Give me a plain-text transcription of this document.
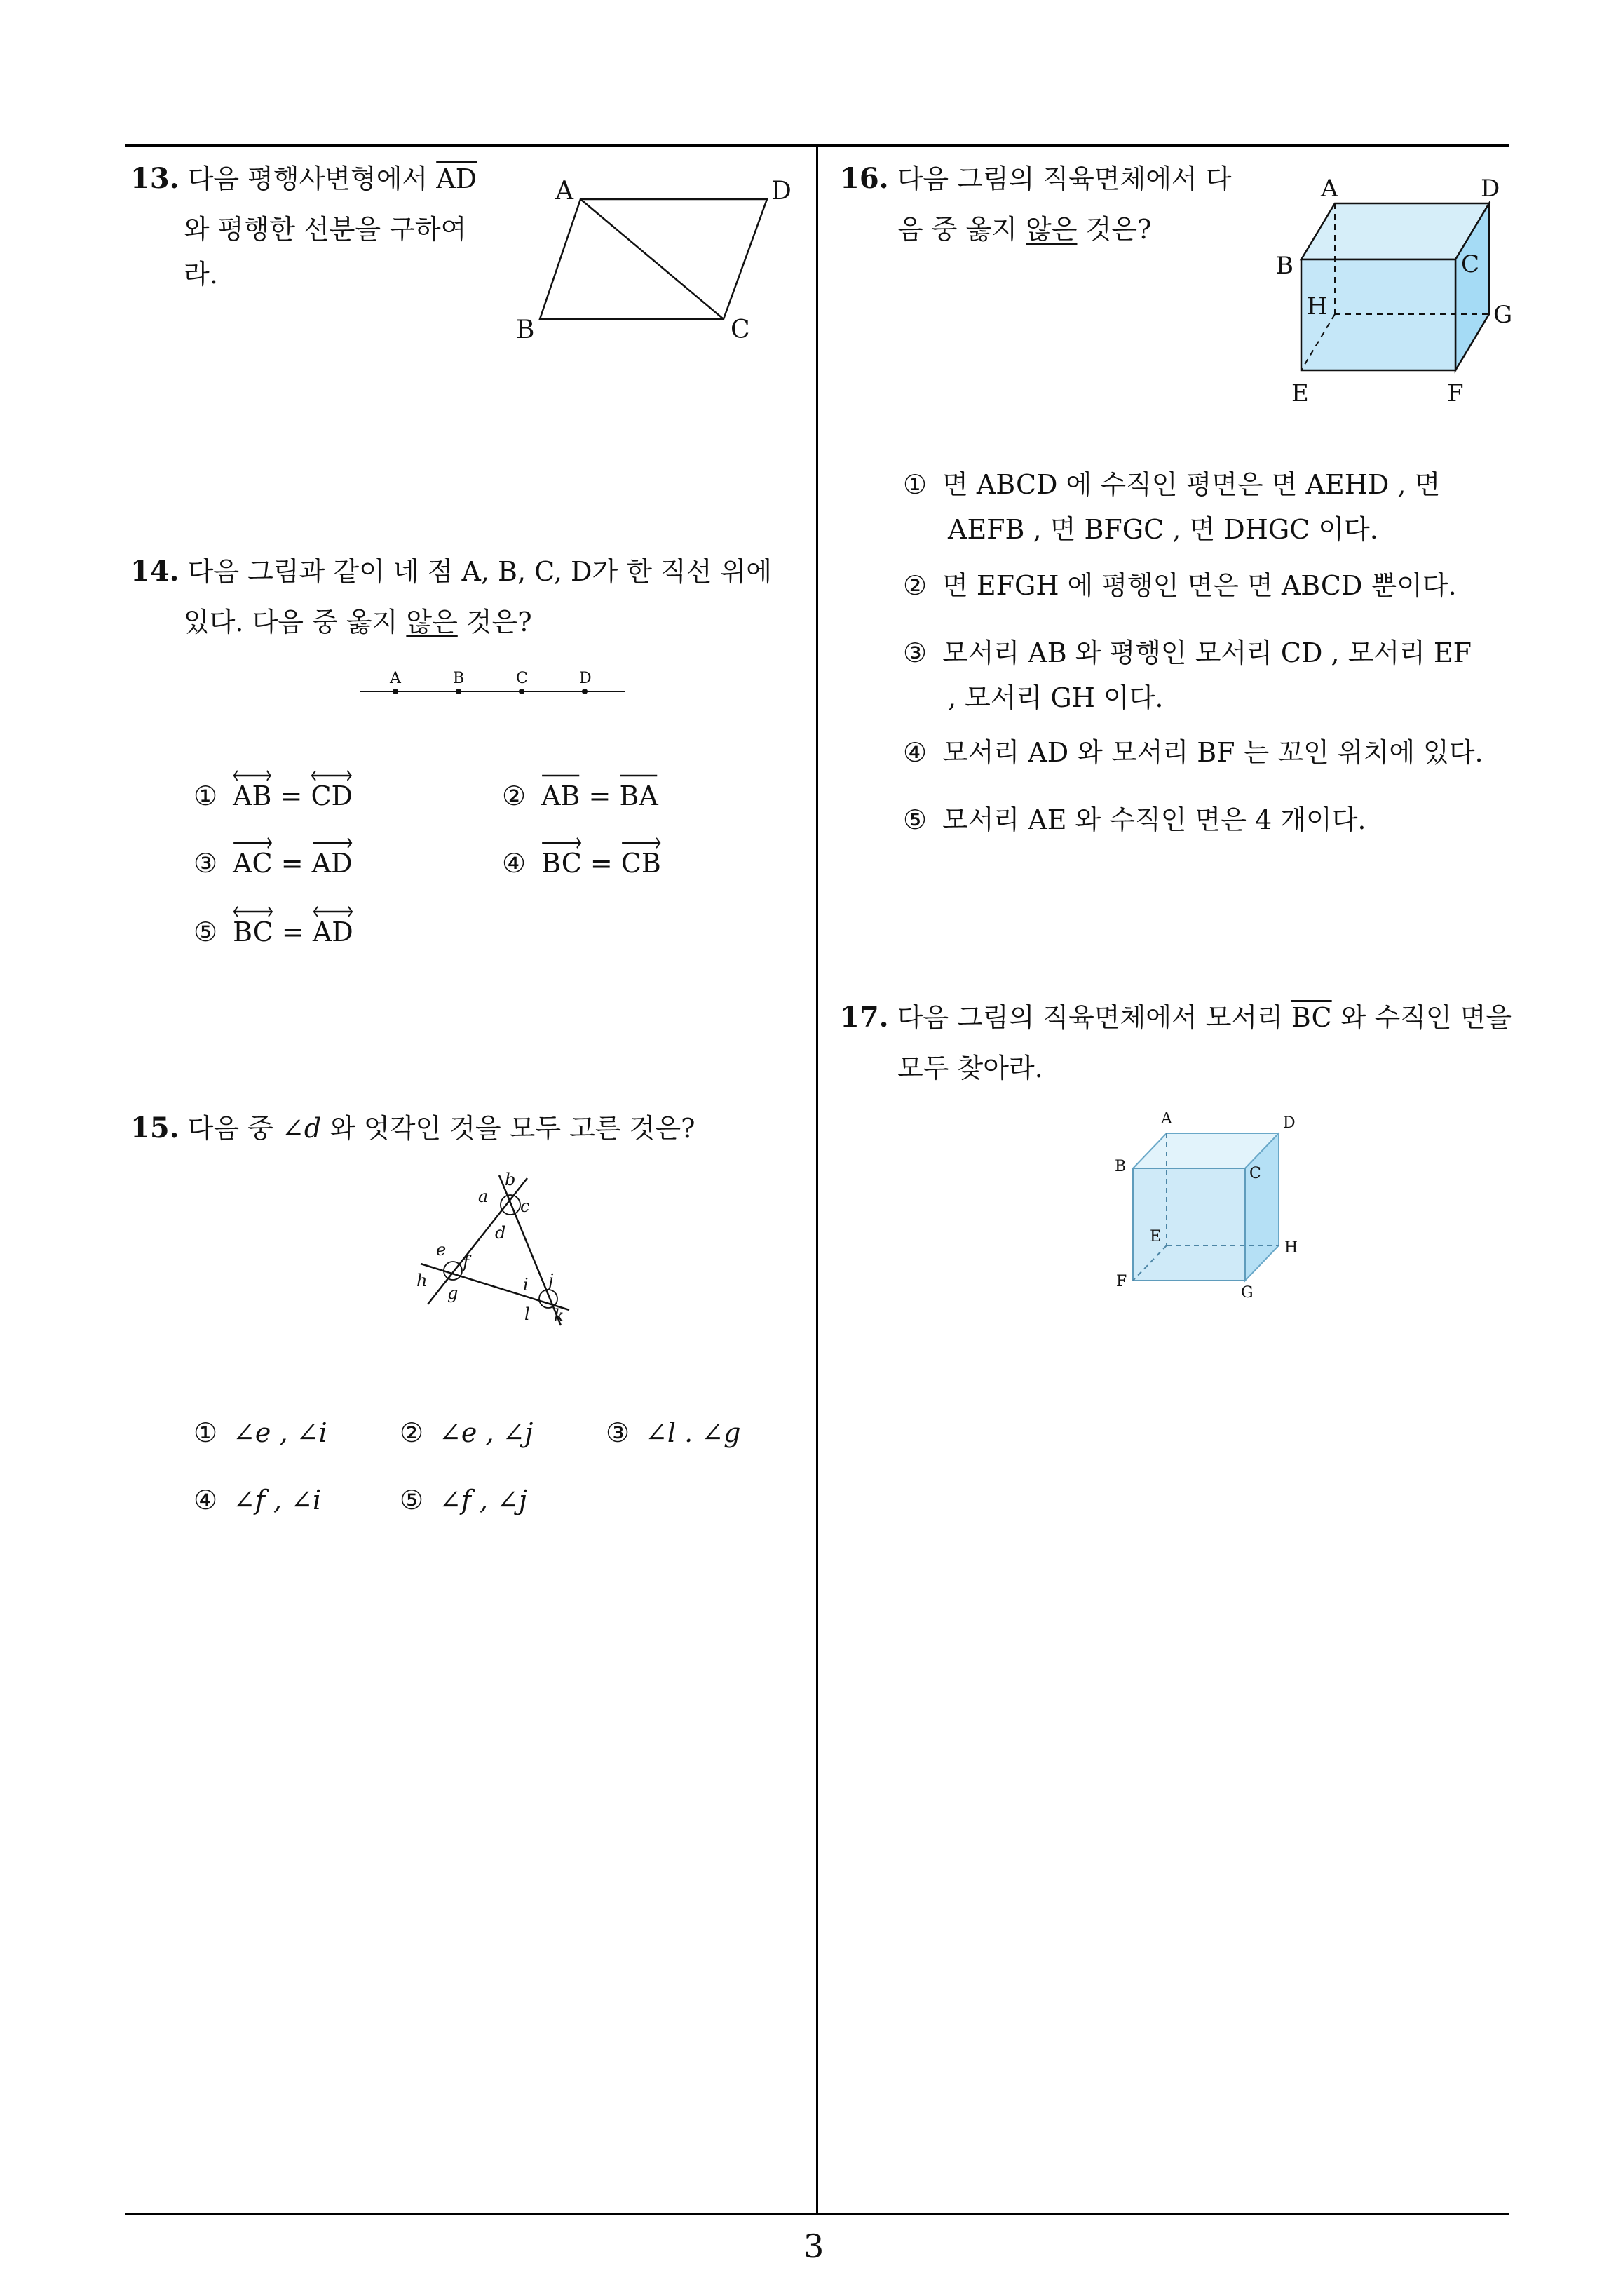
13. 다음 평행사변형에서 $\overline{AD}$
와 평행한 선분을 구하여
라.
A	D
B	C
14. 다음 그림과 같이 네 점 A, B, C, D가 한 직선 위에
있다. 다음 중 옳지 않은 것은?
A	B	C	D
① AB = CD	② AB = BA
③ AC = AD	④ BC = CB
⑤ BC = AD
15. 다음 중 ∠d 와 엇각인 것을 모두 고른 것은?
a
b
c
d
e
f
h
g	i j
l k
① ∠e , ∠i	② ∠e , ∠j	③ ∠l . ∠g
④ ∠f , ∠i	⑤ ∠f , ∠j
16. 다음 그림의 직육면체에서 다
음 중 옳지 않은 것은?
A	D
B	C
H	G
E	F
① 면 ABCD 에 수직인 평면은 면 AEHD , 면
AEFB , 면 BFGC , 면 DHGC 이다.
② 면 EFGH 에 평행인 면은 면 ABCD 뿐이다.
③ 모서리 AB 와 평행인 모서리 CD , 모서리 EF
, 모서리 GH 이다.
④ 모서리 AD 와 모서리 BF 는 꼬인 위치에 있다.
⑤ 모서리 AE 와 수직인 면은 4 개이다.
17. 다음 그림의 직육면체에서 모서리 $\overline{BC}$ 와 수직인 면을
모두 찾아라.
A	D
B	C
E
H
F
G
3
